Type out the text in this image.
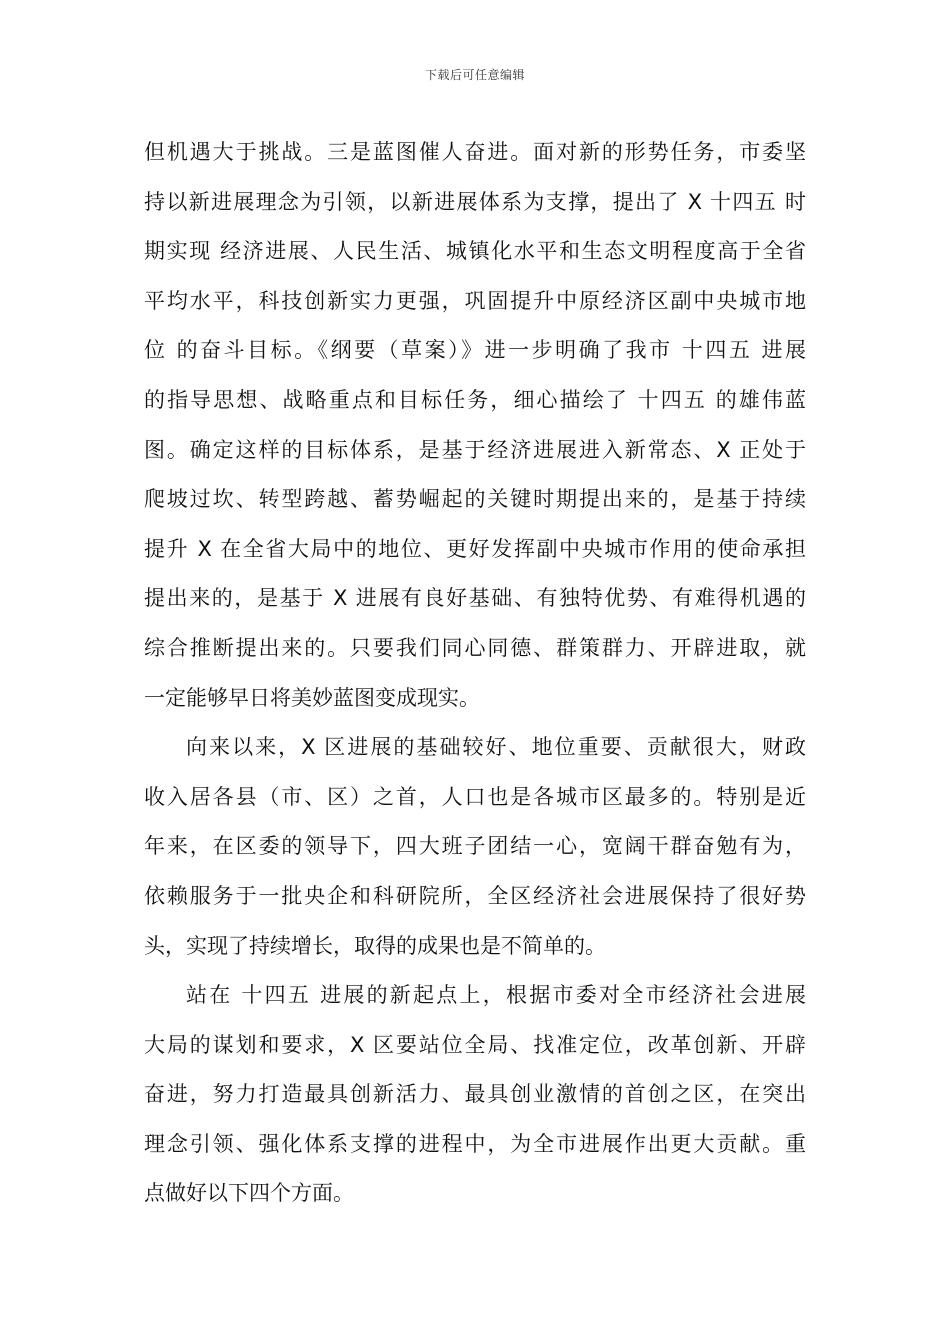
下载后可任意编辑
但机遇大于挑战。三是蓝图催人奋进。面对新的形势任务，市委坚
持以新进展理念为引领，以新进展体系为支撑，提出了 X 十四五 时
期实现 经济进展、人民生活、城镇化水平和生态文明程度高于全省
平均水平，科技创新实力更强，巩固提升中原经济区副中央城市地
位 的奋斗目标。《纲要（草案）》进一步明确了我市 十四五 进展
的指导思想、战略重点和目标任务，细心描绘了 十四五 的雄伟蓝
图。确定这样的目标体系，是基于经济进展进入新常态、X 正处于
爬坡过坎、转型跨越、蓄势崛起的关键时期提出来的，是基于持续
提升 X 在全省大局中的地位、更好发挥副中央城市作用的使命承担
提出来的，是基于 X 进展有良好基础、有独特优势、有难得机遇的
综合推断提出来的。只要我们同心同德、群策群力、开辟进取，就
一定能够早日将美妙蓝图变成现实。
向来以来，X 区进展的基础较好、地位重要、贡献很大，财政
收入居各县（市、区）之首，人口也是各城市区最多的。特别是近
年来，在区委的领导下，四大班子团结一心，宽阔干群奋勉有为，
依赖服务于一批央企和科研院所，全区经济社会进展保持了很好势
头，实现了持续增长，取得的成果也是不简单的。
站在 十四五 进展的新起点上，根据市委对全市经济社会进展
大局的谋划和要求，X 区要站位全局、找准定位，改革创新、开辟
奋进，努力打造最具创新活力、最具创业激情的首创之区，在突出
理念引领、强化体系支撑的进程中，为全市进展作出更大贡献。重
点做好以下四个方面。
